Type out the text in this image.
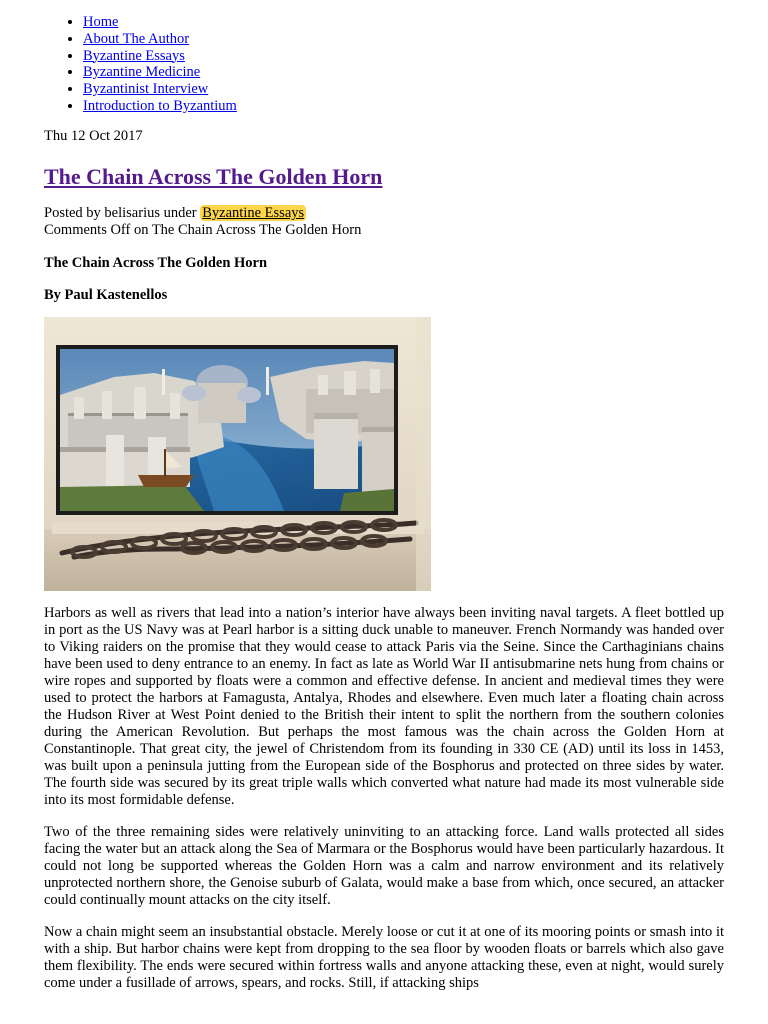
• Home
• About The Author
• Byzantine Essays
• Byzantine Medicine
• Byzantinist Interview
• Introduction to Byzantium
Thu 12 Oct 2017
The Chain Across The Golden Horn
Posted by belisarius under Byzantine Essays
Comments Off on The Chain Across The Golden Horn
The Chain Across The Golden Horn
By Paul Kastenellos

Harbors as well as rivers that lead into a nation’s interior have always been inviting naval targets. A fleet bottled up in port as the US Navy was at Pearl harbor is a sitting duck unable to maneuver. French Normandy was handed over to Viking raiders on the promise that they would cease to attack Paris via the Seine. Since the Carthaginians chains have been used to deny entrance to an enemy. In fact as late as World War II antisubmarine nets hung from chains or wire ropes and supported by floats were a common and effective defense. In ancient and medieval times they were used to protect the harbors at Famagusta, Antalya, Rhodes and elsewhere. Even much later a floating chain across the Hudson River at West Point denied to the British their intent to split the northern from the southern colonies during the American Revolution. But perhaps the most famous was the chain across the Golden Horn at Constantinople. That great city, the jewel of Christendom from its founding in 330 CE (AD) until its loss in 1453, was built upon a peninsula jutting from the European side of the Bosphorus and protected on three sides by water. The fourth side was secured by its great triple walls which converted what nature had made its most vulnerable side into its most formidable defense.

Two of the three remaining sides were relatively uninviting to an attacking force. Land walls protected all sides facing the water but an attack along the Sea of Marmara or the Bosphorus would have been particularly hazardous. It could not long be supported whereas the Golden Horn was a calm and narrow environment and its relatively unprotected northern shore, the Genoise suburb of Galata, would make a base from which, once secured, an attacker could continually mount attacks on the city itself.

Now a chain might seem an insubstantial obstacle. Merely loose or cut it at one of its mooring points or smash into it with a ship. But harbor chains were kept from dropping to the sea floor by wooden floats or barrels which also gave them flexibility. The ends were secured within fortress walls and anyone attacking these, even at night, would surely come under a fusillade of arrows, spears, and rocks. Still, if attacking ships
